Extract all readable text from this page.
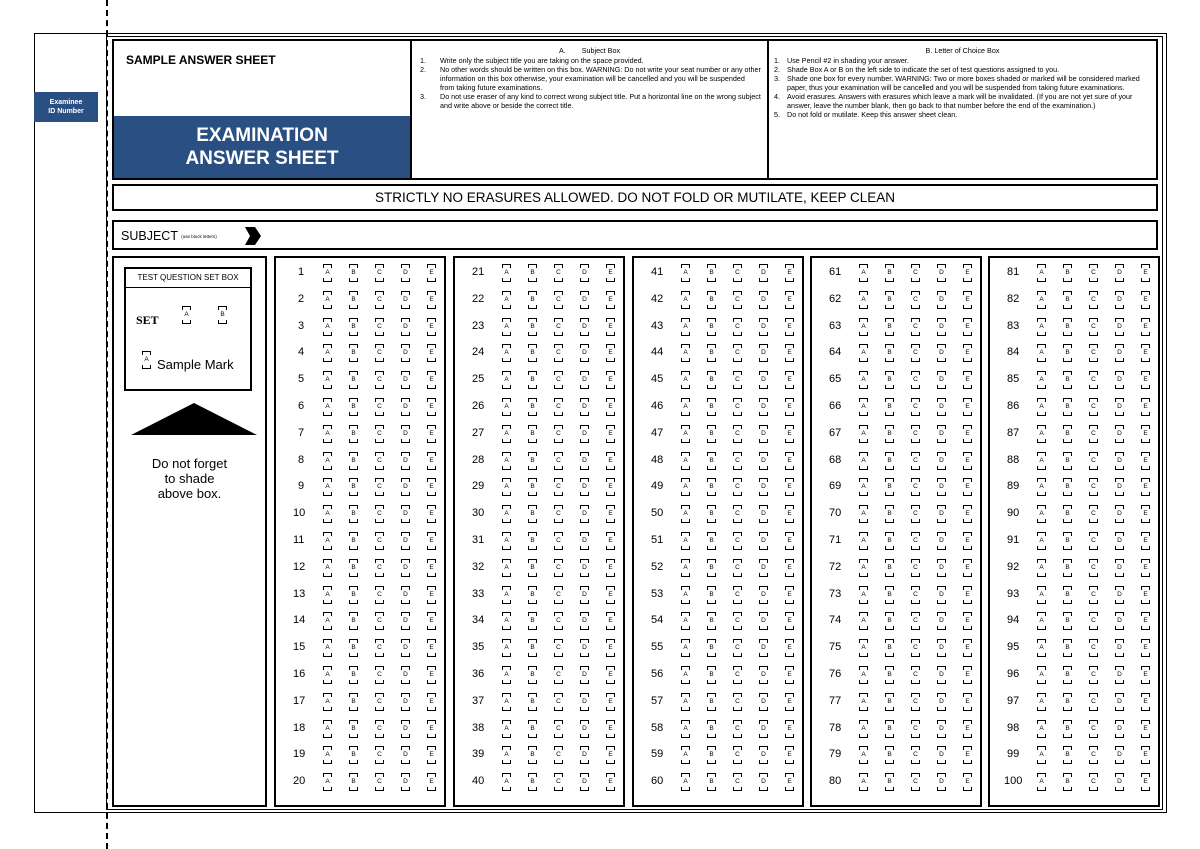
Examinee
ID Number
SAMPLE ANSWER SHEET
EXAMINATION
ANSWER SHEET
A.        Subject Box
1. Write only the subject title you are taking on the space provided.
2. No other words should be written on this box. WARNING: Do not write your seat number or any other information on this box otherwise, your examination will be cancelled and you will be suspended from taking future examinations.
3. Do not use eraser of any kind to correct wrong subject title. Put a horizontal line on the wrong subject and write above or beside the correct title.
B. Letter of Choice Box
1. Use Pencil #2 in shading your answer.
2. Shade Box A or B on the left side to indicate the set of test questions assigned to you.
3. Shade one box for every number. WARNING: Two or more boxes shaded or marked will be considered marked paper, thus your examination will be cancelled and you will be suspended from taking future examinations.
4. Avoid erasures. Answers with erasures which leave a mark will be invalidated. (If you are not yet sure of your answer, leave the number blank, then go back to that number before the end of the examination.)
5. Do not fold or mutilate. Keep this answer sheet clean.
STRICTLY NO ERASURES ALLOWED. DO NOT FOLD OR MUTILATE, KEEP CLEAN
SUBJECT (use block letters)
TEST QUESTION SET BOX
SET	A	B
A Sample Mark
Do not forget
to shade
above box.
1	A	B	C	D	E
2	A	B	C	D	E
3	A	B	C	D	E
4	A	B	C	D	E
5	A	B	C	D	E
6	A	B	C	D	E
7	A	B	C	D	E
8	A	B	C	D	E
9	A	B	C	D	E
10	A	B	C	D	E
11	A	B	C	D	E
12	A	B	C	D	E
13	A	B	C	D	E
14	A	B	C	D	E
15	A	B	C	D	E
16	A	B	C	D	E
17	A	B	C	D	E
18	A	B	C	D	E
19	A	B	C	D	E
20	A	B	C	D	E
21	A	B	C	D	E
22	A	B	C	D	E
23	A	B	C	D	E
24	A	B	C	D	E
25	A	B	C	D	E
26	A	B	C	D	E
27	A	B	C	D	E
28	A	B	C	D	E
29	A	B	C	D	E
30	A	B	C	D	E
31	A	B	C	D	E
32	A	B	C	D	E
33	A	B	C	D	E
34	A	B	C	D	E
35	A	B	C	D	E
36	A	B	C	D	E
37	A	B	C	D	E
38	A	B	C	D	E
39	A	B	C	D	E
40	A	B	C	D	E
41	A	B	C	D	E
42	A	B	C	D	E
43	A	B	C	D	E
44	A	B	C	D	E
45	A	B	C	D	E
46	A	B	C	D	E
47	A	B	C	D	E
48	A	B	C	D	E
49	A	B	C	D	E
50	A	B	C	D	E
51	A	B	C	D	E
52	A	B	C	D	E
53	A	B	C	D	E
54	A	B	C	D	E
55	A	B	C	D	E
56	A	B	C	D	E
57	A	B	C	D	E
58	A	B	C	D	E
59	A	B	C	D	E
60	A	B	C	D	E
61	A	B	C	D	E
62	A	B	C	D	E
63	A	B	C	D	E
64	A	B	C	D	E
65	A	B	C	D	E
66	A	B	C	D	E
67	A	B	C	D	E
68	A	B	C	D	E
69	A	B	C	D	E
70	A	B	C	D	E
71	A	B	C	D	E
72	A	B	C	D	E
73	A	B	C	D	E
74	A	B	C	D	E
75	A	B	C	D	E
76	A	B	C	D	E
77	A	B	C	D	E
78	A	B	C	D	E
79	A	B	C	D	E
80	A	B	C	D	E
81	A	B	C	D	E
82	A	B	C	D	E
83	A	B	C	D	E
84	A	B	C	D	E
85	A	B	C	D	E
86	A	B	C	D	E
87	A	B	C	D	E
88	A	B	C	D	E
89	A	B	C	D	E
90	A	B	C	D	E
91	A	B	C	D	E
92	A	B	C	D	E
93	A	B	C	D	E
94	A	B	C	D	E
95	A	B	C	D	E
96	A	B	C	D	E
97	A	B	C	D	E
98	A	B	C	D	E
99	A	B	C	D	E
100	A	B	C	D	E
